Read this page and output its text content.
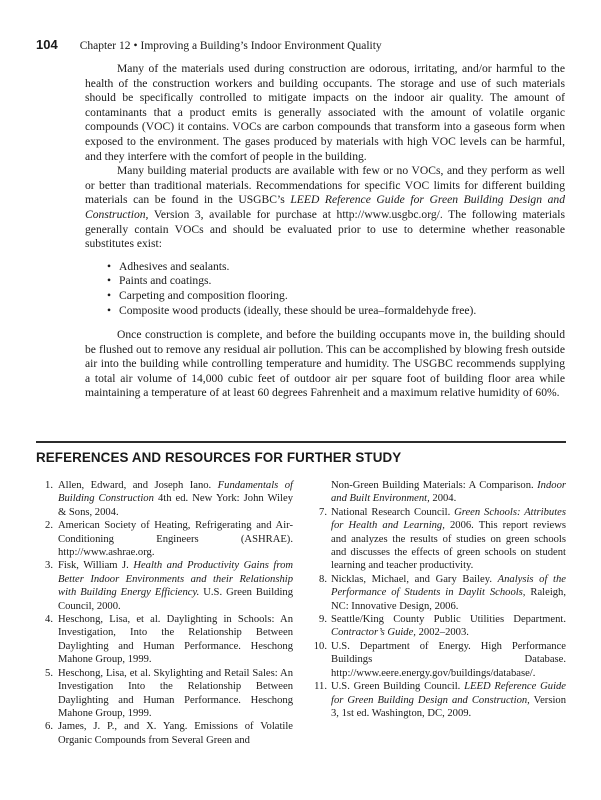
104 Chapter 12 • Improving a Building’s Indoor Environment Quality

Many of the materials used during construction are odorous, irritating, and/or harmful to the health of the construction workers and building occupants. The storage and use of such materials should be specifically controlled to mitigate impacts on the indoor air quality. The amount of contaminants that a product emits is generally associated with the amount of volatile organic compounds (VOC) it contains. VOCs are carbon compounds that transform into a gaseous form when exposed to the environment. The gases produced by materials with high VOC levels can be harmful, and they interfere with the comfort of people in the building.

Many building material products are available with few or no VOCs, and they perform as well or better than traditional materials. Recommendations for specific VOC limits for different building materials can be found in the USGBC’s LEED Reference Guide for Green Building Design and Construction, Version 3, available for purchase at http://www.usgbc.org/. The following materials generally contain VOCs and should be evaluated prior to use to determine whether reasonable substitutes exist:

• Adhesives and sealants.
• Paints and coatings.
• Carpeting and composition flooring.
• Composite wood products (ideally, these should be urea–formaldehyde free).

Once construction is complete, and before the building occupants move in, the building should be flushed out to remove any residual air pollution. This can be accomplished by blowing fresh outside air into the building while controlling temperature and humidity. The USGBC recommends supplying a total air volume of 14,000 cubic feet of outdoor air per square foot of building floor area while maintaining a temperature of at least 60 degrees Fahrenheit and a maximum relative humidity of 60%.

REFERENCES AND RESOURCES FOR FURTHER STUDY
1. Allen, Edward, and Joseph Iano. Fundamentals of Building Construction 4th ed. New York: John Wiley & Sons, 2004.
2. American Society of Heating, Refrigerating and Air-Conditioning Engineers (ASHRAE). http://www.ashrae.org.
3. Fisk, William J. Health and Productivity Gains from Better Indoor Environments and their Relationship with Building Energy Efficiency. U.S. Green Building Council, 2000.
4. Heschong, Lisa, et al. Daylighting in Schools: An Investigation, Into the Relationship Between Daylighting and Human Performance. Heschong Mahone Group, 1999.
5. Heschong, Lisa, et al. Skylighting and Retail Sales: An Investigation Into the Relationship Between Daylighting and Human Performance. Heschong Mahone Group, 1999.
6. James, J. P., and X. Yang. Emissions of Volatile Organic Compounds from Several Green and
Non-Green Building Materials: A Comparison. Indoor and Built Environment, 2004.
7. National Research Council. Green Schools: Attributes for Health and Learning, 2006. This report reviews and analyzes the results of studies on green schools and discusses the effects of green schools on student learning and teacher productivity.
8. Nicklas, Michael, and Gary Bailey. Analysis of the Performance of Students in Daylit Schools, Raleigh, NC: Innovative Design, 2006.
9. Seattle/King County Public Utilities Department. Contractor’s Guide, 2002–2003.
10. U.S. Department of Energy. High Performance Buildings Database. http://www.eere.energy.gov/buildings/database/.
11. U.S. Green Building Council. LEED Reference Guide for Green Building Design and Construction, Version 3, 1st ed. Washington, DC, 2009.
